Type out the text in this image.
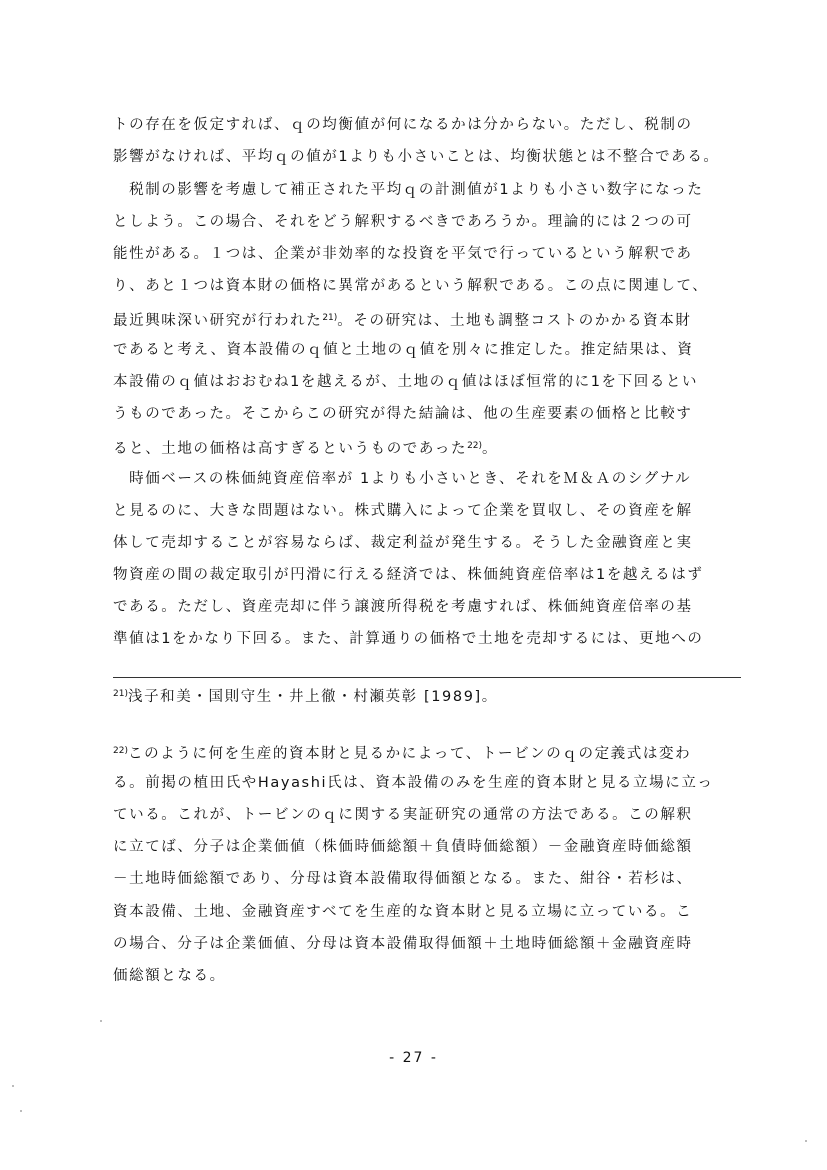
トの存在を仮定すれば、ｑの均衡値が何になるかは分からない。ただし、税制の
影響がなければ、平均ｑの値が1よりも小さいことは、均衡状態とは不整合である。
　税制の影響を考慮して補正された平均ｑの計測値が1よりも小さい数字になった
としよう。この場合、それをどう解釈するべきであろうか。理論的には２つの可
能性がある。１つは、企業が非効率的な投資を平気で行っているという解釈であ
り、あと１つは資本財の価格に異常があるという解釈である。この点に関連して、
最近興味深い研究が行われた$^{21)}$。その研究は、土地も調整コストのかかる資本財
であると考え、資本設備のｑ値と土地のｑ値を別々に推定した。推定結果は、資
本設備のｑ値はおおむね1を越えるが、土地のｑ値はほぼ恒常的に1を下回るとい
うものであった。そこからこの研究が得た結論は、他の生産要素の価格と比較す
ると、土地の価格は高すぎるというものであった$^{22)}$。
　時価ベースの株価純資産倍率が 1よりも小さいとき、それをＭ＆Ａのシグナル
と見るのに、大きな問題はない。株式購入によって企業を買収し、その資産を解
体して売却することが容易ならば、裁定利益が発生する。そうした金融資産と実
物資産の間の裁定取引が円滑に行える経済では、株価純資産倍率は1を越えるはず
である。ただし、資産売却に伴う譲渡所得税を考慮すれば、株価純資産倍率の基
準値は1をかなり下回る。また、計算通りの価格で土地を売却するには、更地への
$^{21)}$浅子和美・国則守生・井上徹・村瀬英彰 [1989]。
$^{22)}$このように何を生産的資本財と見るかによって、トービンのｑの定義式は変わ
る。前掲の植田氏やHayashi氏は、資本設備のみを生産的資本財と見る立場に立っ
ている。これが、トービンのｑに関する実証研究の通常の方法である。この解釈
に立てば、分子は企業価値（株価時価総額＋負債時価総額）－金融資産時価総額
－土地時価総額であり、分母は資本設備取得価額となる。また、紺谷・若杉は、
資本設備、土地、金融資産すべてを生産的な資本財と見る立場に立っている。こ
の場合、分子は企業価値、分母は資本設備取得価額＋土地時価総額＋金融資産時
価総額となる。
- 27 -
